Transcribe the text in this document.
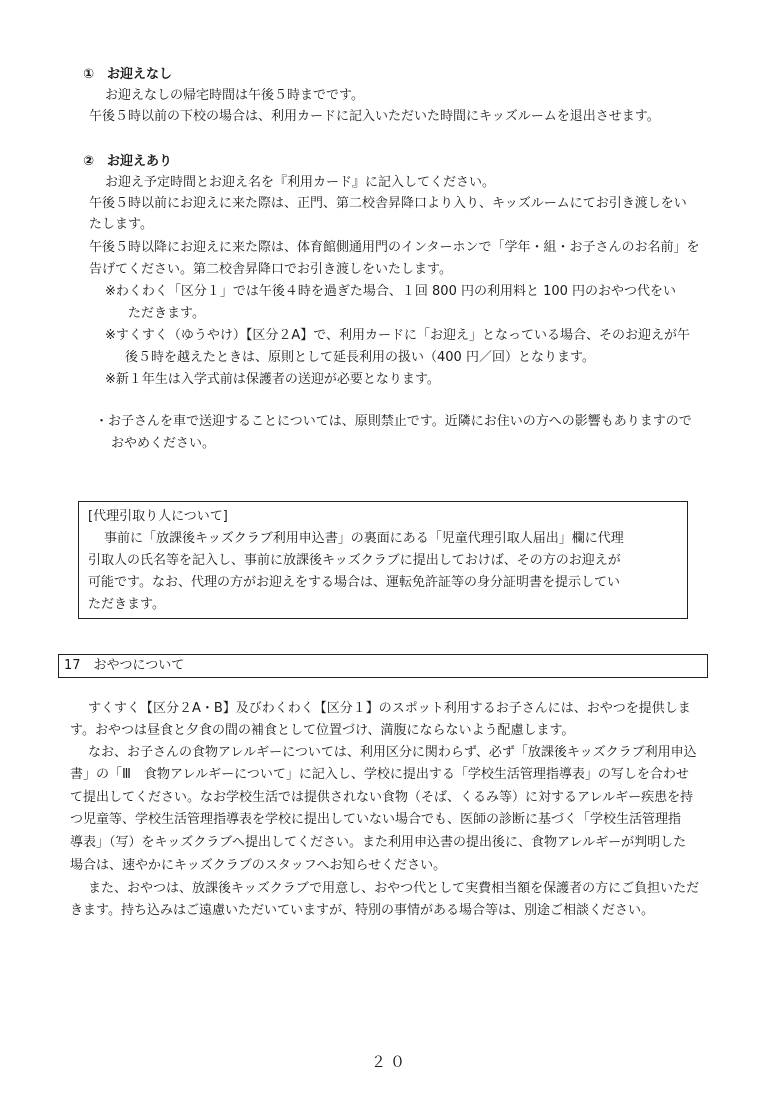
①　お迎えなし
お迎えなしの帰宅時間は午後５時までです。
午後５時以前の下校の場合は、利用カードに記入いただいた時間にキッズルームを退出させます。
②　お迎えあり
お迎え予定時間とお迎え名を『利用カード』に記入してください。
午後５時以前にお迎えに来た際は、正門、第二校舎昇降口より入り、キッズルームにてお引き渡しをい
たします。
午後５時以降にお迎えに来た際は、体育館側通用門のインターホンで「学年・組・お子さんのお名前」を
告げてください。第二校舎昇降口でお引き渡しをいたします。
※わくわく「区分１」では午後４時を過ぎた場合、１回 800 円の利用料と 100 円のおやつ代をい
ただきます。
※すくすく（ゆうやけ）【区分２A】で、利用カードに「お迎え」となっている場合、そのお迎えが午
後５時を越えたときは、原則として延長利用の扱い（400 円／回）となります。
※新１年生は入学式前は保護者の送迎が必要となります。
・お子さんを車で送迎することについては、原則禁止です。近隣にお住いの方への影響もありますので
おやめください。
[代理引取り人について]
事前に「放課後キッズクラブ利用申込書」の裏面にある「児童代理引取人届出」欄に代理
引取人の氏名等を記入し、事前に放課後キッズクラブに提出しておけば、その方のお迎えが
可能です。なお、代理の方がお迎えをする場合は、運転免許証等の身分証明書を提示してい
ただきます。
17　おやつについて
すくすく【区分２A・B】及びわくわく【区分１】のスポット利用するお子さんには、おやつを提供しま
す。おやつは昼食と夕食の間の補食として位置づけ、満腹にならないよう配慮します。
なお、お子さんの食物アレルギーについては、利用区分に関わらず、必ず「放課後キッズクラブ利用申込
書」の「Ⅲ　食物アレルギーについて」に記入し、学校に提出する「学校生活管理指導表」の写しを合わせ
て提出してください。なお学校生活では提供されない食物（そば、くるみ等）に対するアレルギー疾患を持
つ児童等、学校生活管理指導表を学校に提出していない場合でも、医師の診断に基づく「学校生活管理指
導表」（写）をキッズクラブへ提出してください。また利用申込書の提出後に、食物アレルギーが判明した
場合は、速やかにキッズクラブのスタッフへお知らせください。
また、おやつは、放課後キッズクラブで用意し、おやつ代として実費相当額を保護者の方にご負担いただ
きます。持ち込みはご遠慮いただいていますが、特別の事情がある場合等は、別途ご相談ください。
２０
